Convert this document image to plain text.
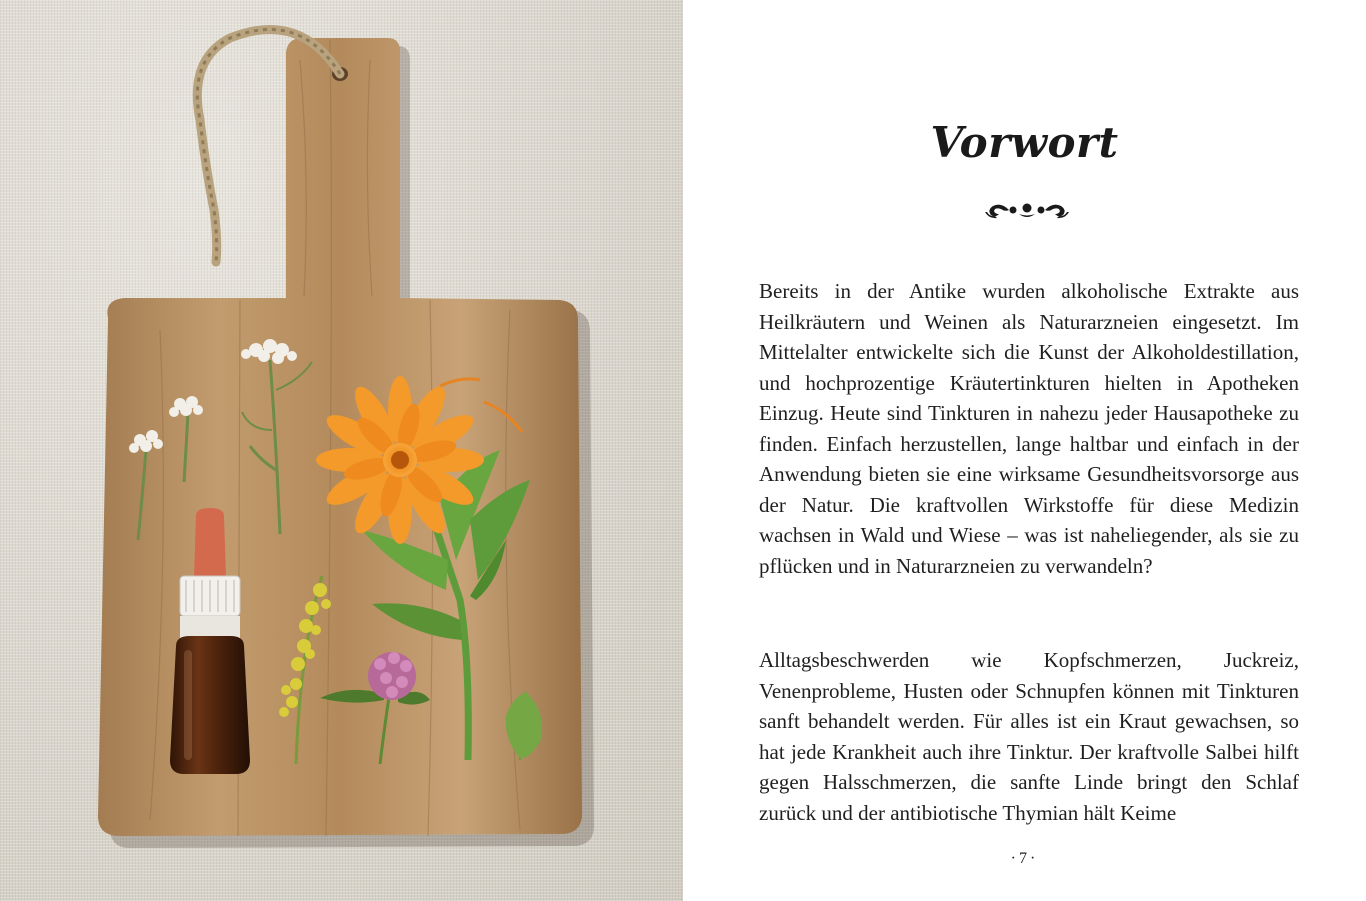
Vorwort

Bereits in der Antike wurden alkoholische Extrakte aus Heilkräutern und Weinen als Naturarzneien eingesetzt. Im Mittelalter entwickelte sich die Kunst der Alkoholdestillation, und hochprozentige Kräutertinkturen hielten in Apotheken Einzug. Heute sind Tinkturen in nahezu jeder Hausapotheke zu finden. Einfach herzustellen, lange haltbar und einfach in der Anwendung bieten sie eine wirksame Gesundheitsvorsorge aus der Natur. Die kraftvollen Wirkstoffe für diese Medizin wachsen in Wald und Wiese – was ist naheliegender, als sie zu pflücken und in Naturarzneien zu verwandeln?

Alltagsbeschwerden wie Kopfschmerzen, Juckreiz, Venenprobleme, Husten oder Schnupfen können mit Tinkturen sanft behandelt werden. Für alles ist ein Kraut gewachsen, so hat jede Krankheit auch ihre Tinktur. Der kraftvolle Salbei hilft gegen Halsschmerzen, die sanfte Linde bringt den Schlaf zurück und der antibiotische Thymian hält Keime

·7·
